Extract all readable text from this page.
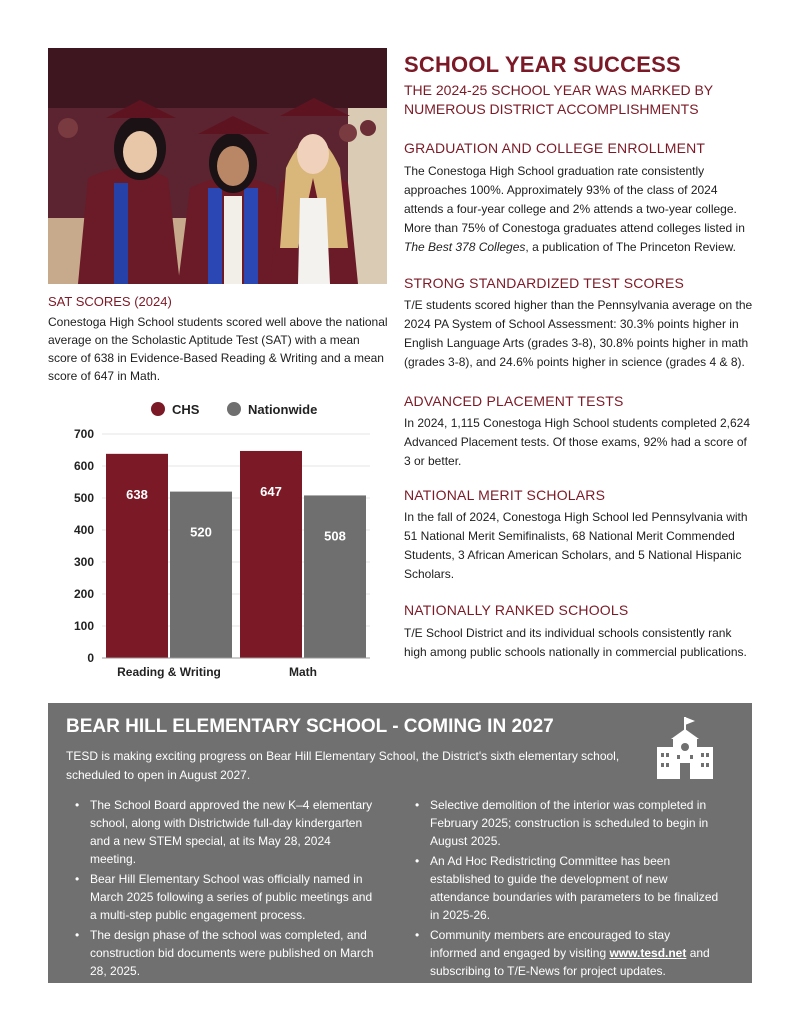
SAT SCORES (2024)
Conestoga High School students scored well above the national average on the Scholastic Aptitude Test (SAT) with a mean score of 638 in Evidence-Based Reading & Writing and a mean score of 647 in Math.
CHS	Nationwide
0
100
200
300
400
500
600
700
638
520
Reading & Writing
647
508
Math
SCHOOL YEAR SUCCESS
THE 2024-25 SCHOOL YEAR WAS MARKED BY
NUMEROUS DISTRICT ACCOMPLISHMENTS
GRADUATION AND COLLEGE ENROLLMENT
The Conestoga High School graduation rate consistently approaches 100%. Approximately 93% of the class of 2024 attends a four-year college and 2% attends a two-year college. More than 75% of Conestoga graduates attend colleges listed in The Best 378 Colleges, a publication of The Princeton Review.
STRONG STANDARDIZED TEST SCORES
T/E students scored higher than the Pennsylvania average on the 2024 PA System of School Assessment: 30.3% points higher in English Language Arts (grades 3-8), 30.8% points higher in math (grades 3-8), and 24.6% points higher in science (grades 4 & 8).
ADVANCED PLACEMENT TESTS
In 2024, 1,115 Conestoga High School students completed 2,624 Advanced Placement tests. Of those exams, 92% had a score of 3 or better.
NATIONAL MERIT SCHOLARS
In the fall of 2024, Conestoga High School led Pennsylvania with 51 National Merit Semifinalists, 68 National Merit Commended Students, 3 African American Scholars, and 5 National Hispanic Scholars.
NATIONALLY RANKED SCHOOLS
T/E School District and its individual schools consistently rank high among public schools nationally in commercial publications.
BEAR HILL ELEMENTARY SCHOOL - COMING IN 2027
TESD is making exciting progress on Bear Hill Elementary School, the District's sixth elementary school, scheduled to open in August 2027.
• The School Board approved the new K–4 elementary school, along with Districtwide full-day kindergarten and a new STEM special, at its May 28, 2024 meeting.
• Bear Hill Elementary School was officially named in March 2025 following a series of public meetings and a multi-step public engagement process.
• The design phase of the school was completed, and construction bid documents were published on March 28, 2025.
• Selective demolition of the interior was completed in February 2025; construction is scheduled to begin in August 2025.
• An Ad Hoc Redistricting Committee has been established to guide the development of new attendance boundaries with parameters to be finalized in 2025-26.
• Community members are encouraged to stay informed and engaged by visiting www.tesd.net and subscribing to T/E-News for project updates.
